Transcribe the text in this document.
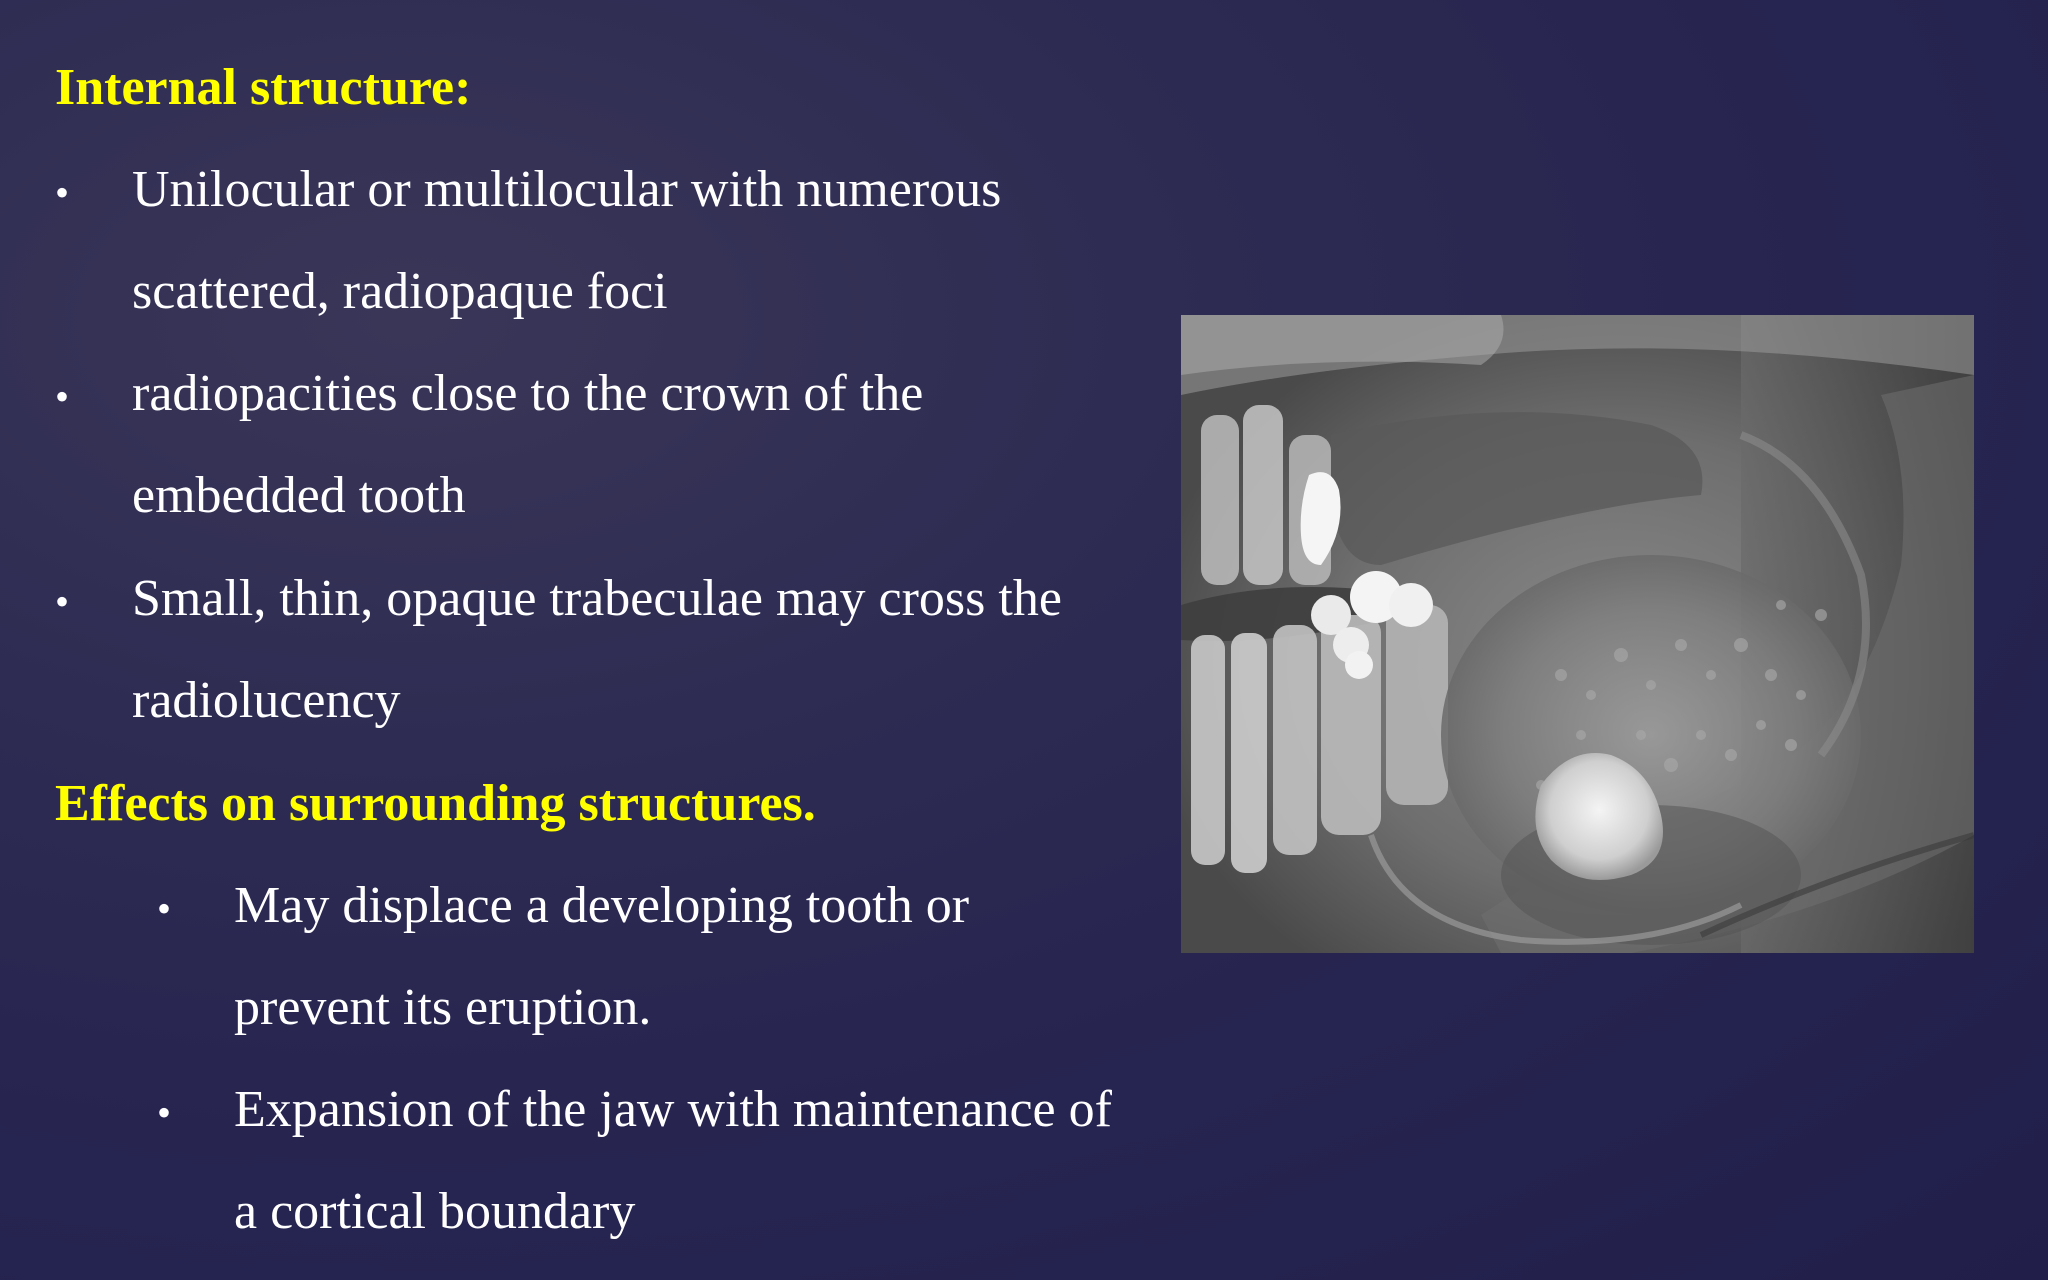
Internal structure:
• Unilocular or multilocular with numerous
scattered, radiopaque foci
• radiopacities close to the crown of the
embedded tooth
• Small, thin, opaque trabeculae may cross the
radiolucency
Effects on surrounding structures.
• May displace a developing tooth or
prevent its eruption.
• Expansion of the jaw with maintenance of
a cortical boundary
